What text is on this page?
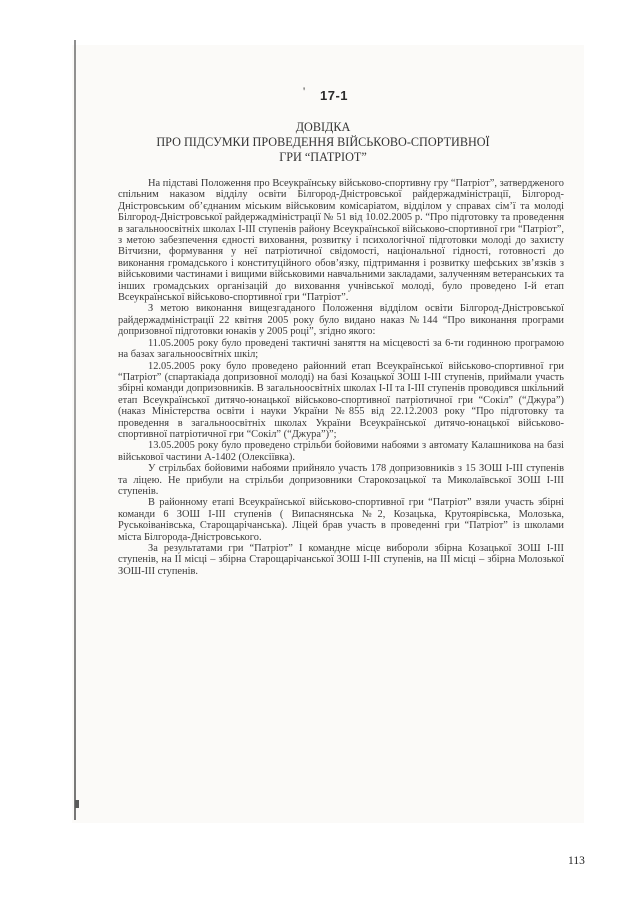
' 17-1
ДОВІДКА
ПРО ПІДСУМКИ ПРОВЕДЕННЯ ВІЙСЬКОВО-СПОРТИВНОЇ
ГРИ “ПАТРІОТ”

На підставі Положення про Всеукраїнську військово-спортивну гру “Патріот”, затвердженого спільним наказом відділу освіти Білгород-Дністровської райдержадміністрації, Білгород-Дністровським об’єднаним міським військовим комісаріатом, відділом у справах сім’ї та молоді Білгород-Дністровської райдержадміністрації № 51 від 10.02.2005 р. “Про підготовку та проведення в загальноосвітніх школах І-ІІІ ступенів району Всеукраїнської військово-спортивної гри “Патріот”, з метою забезпечення єдності виховання, розвитку і психологічної підготовки молоді до захисту Вітчизни, формування у неї патріотичної свідомості, національної гідності, готовності до виконання громадського і конституційного обов’язку, підтримання і розвитку шефських зв’язків з військовими частинами і вищими військовими навчальними закладами, залученням ветеранських та інших громадських організацій до виховання учнівської молоді, було проведено І-й етап Всеукраїнської військово-спортивної гри “Патріот”.

З метою виконання вищезгаданого Положення відділом освіти Білгород-Дністровської райдержадміністрації 22 квітня 2005 року було видано наказ №144 “Про виконання програми допризовної підготовки юнаків у 2005 році”, згідно якого:

11.05.2005 року було проведені тактичні заняття на місцевості за 6-ти годинною програмою на базах загальноосвітніх шкіл;

12.05.2005 року було проведено районний етап Всеукраїнської військово-спортивної гри “Патріот” (спартакіада допризовної молоді) на базі Козацької ЗОШ І-ІІІ ступенів, приймали участь збірні команди допризовників. В загальноосвітніх школах І-ІІ та І-ІІІ ступенів проводився шкільний етап Всеукраїнської дитячо-юнацької військово-спортивної патріотичної гри “Сокіл” (“Джура”) (наказ Міністерства освіти і науки України №855 від 22.12.2003 року “Про підготовку та проведення в загальноосвітніх школах України Всеукраїнської дитячо-юнацької військово-спортивної патріотичної гри “Сокіл” (“Джура”)”;

13.05.2005 року було проведено стрільби бойовими набоями з автомату Калашникова на базі військової частини А-1402 (Олексіївка).

У стрільбах бойовими набоями прийняло участь 178 допризовників з 15 ЗОШ І-ІІІ ступенів та ліцею. Не прибули на стрільби допризовники Старокозацької та Миколаївської ЗОШ І-ІІІ ступенів.

В районному етапі Всеукраїнської військово-спортивної гри “Патріот” взяли участь збірні команди 6 ЗОШ І-ІІІ ступенів ( Випаснянська №2, Козацька, Крутоярівська, Молозька, Руськоіванівська, Старощарічанська). Ліцей брав участь в проведенні гри “Патріот” із школами міста Білгорода-Дністровського.

За результатами гри “Патріот” І командне місце вибороли збірна Козацької ЗОШ І-ІІІ ступенів, на ІІ місці – збірна Старощарічанської ЗОШ І-ІІІ ступенів, на ІІІ місці – збірна Молозької ЗОШ-ІІІ ступенів.

113
